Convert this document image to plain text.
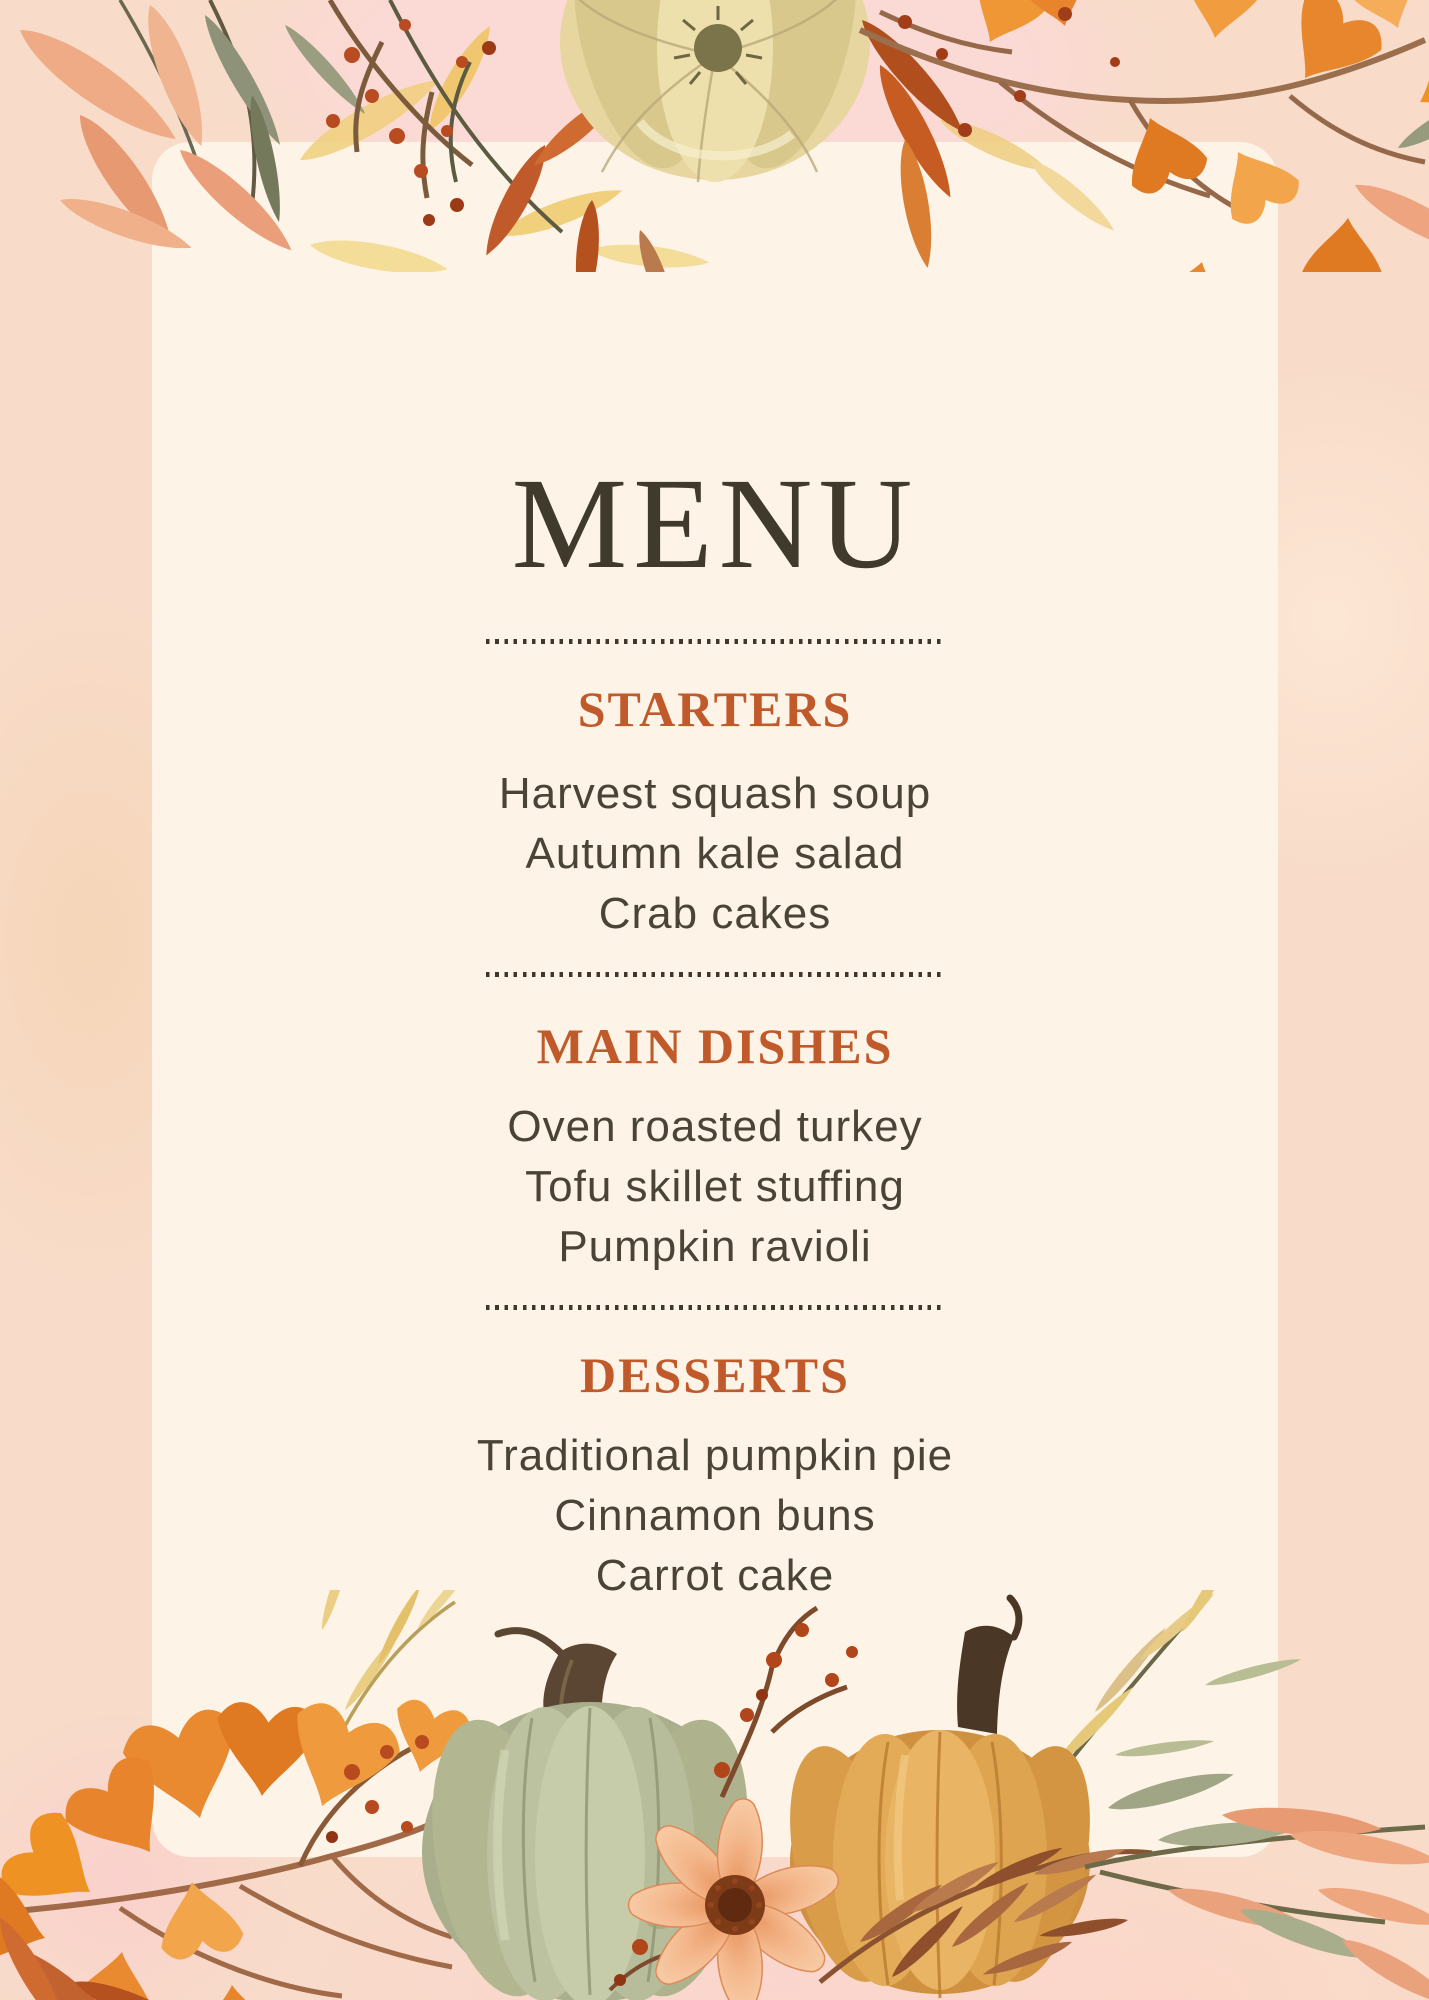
MENU
STARTERS
Harvest squash soup
Autumn kale salad
Crab cakes
MAIN DISHES
Oven roasted turkey
Tofu skillet stuffing
Pumpkin ravioli
DESSERTS
Traditional pumpkin pie
Cinnamon buns
Carrot cake
